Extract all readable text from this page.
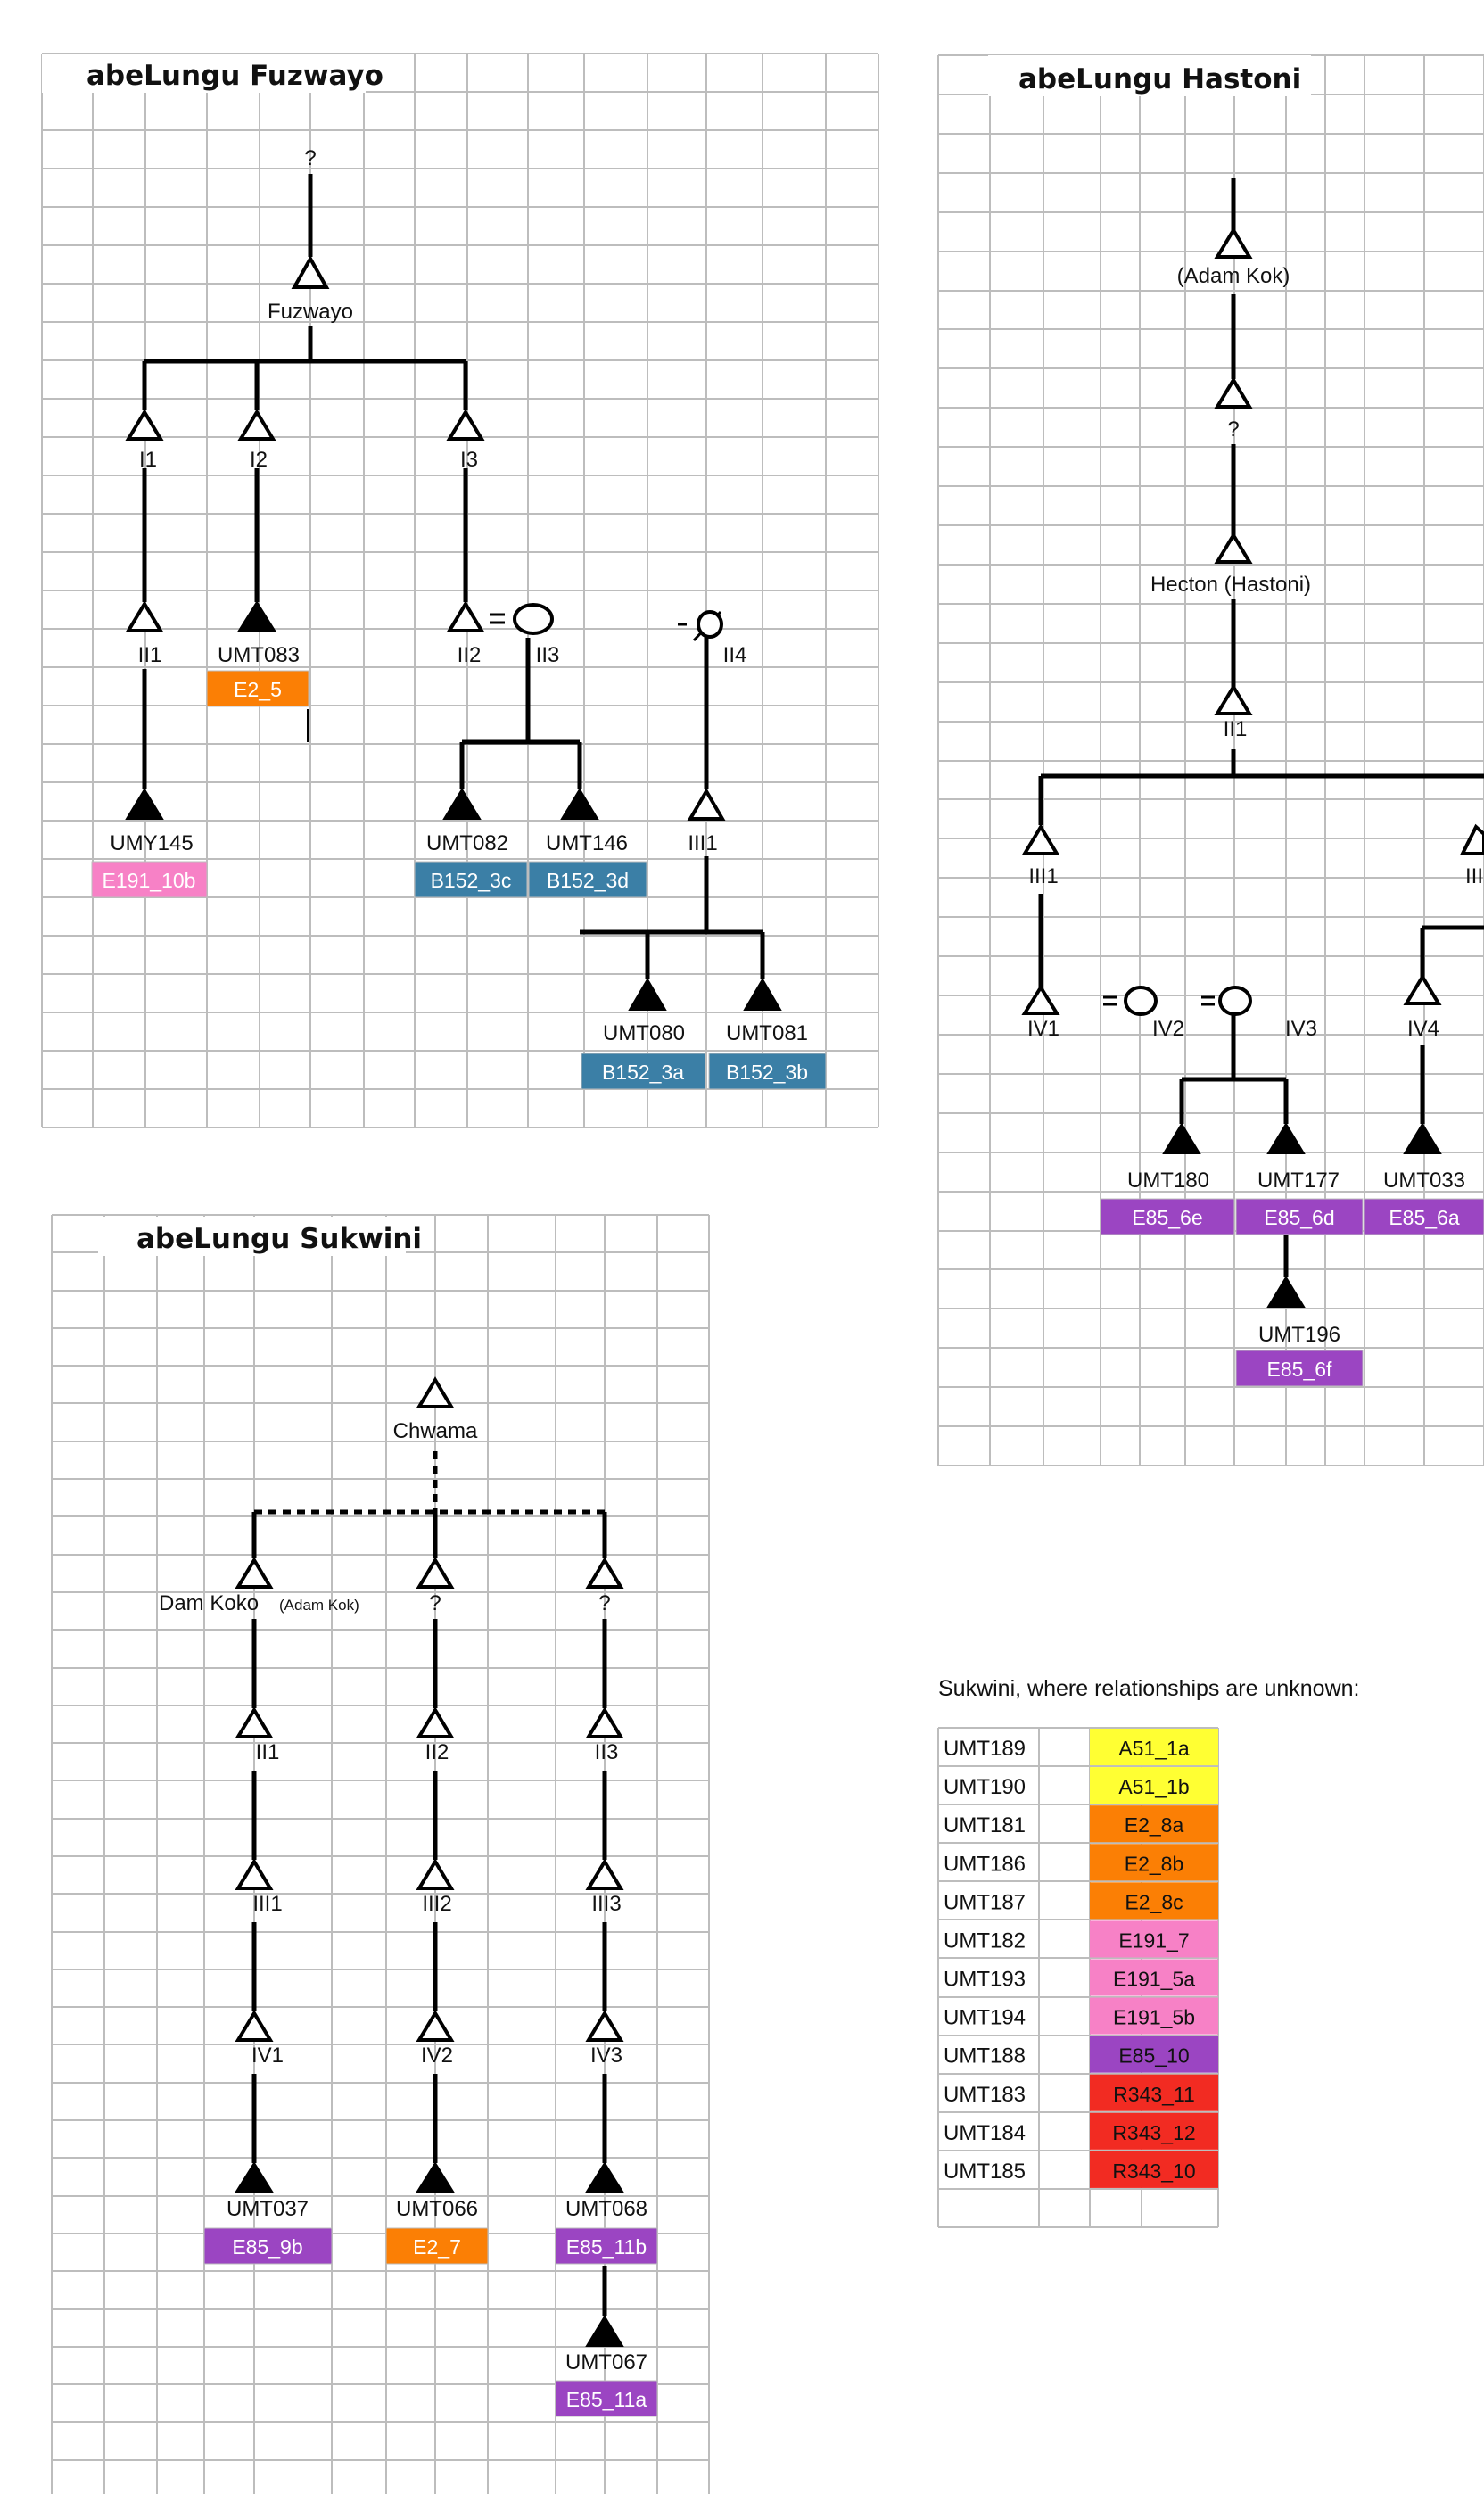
abeLungu Fuzwayo
?
Fuzwayo
I1	I2	I3
II1	UMT083	II2	II3	II4
UMY145	UMT082 UMT146	III1
UMT080 UMT081
E2_5
E191_10b	B152_3c B152_3d
B152_3a B152_3b
abeLungu Hastoni
(Adam Kok)
?
Hecton (Hastoni)
II1
III1	III
IV1	IV2	IV3	IV4
UMT180 UMT177 UMT033
UMT196
E85_6e	E85_6d	E85_6a
E85_6f
abeLungu Sukwini
Chwama
Dam Koko (Adam Kok)	?	?
II1	II2	II3
III1	III2	III3
IV1	IV2	IV3
UMT037	UMT066	UMT068
UMT067
E85_9b	E2_7	E85_11b
E85_11a
Sukwini, where relationships are unknown:
UMT189	A51_1a
UMT190	A51_1b
UMT181	E2_8a
UMT186	E2_8b
UMT187	E2_8c
UMT182	E191_7
UMT193	E191_5a
UMT194	E191_5b
UMT188	E85_10
UMT183	R343_11
UMT184	R343_12
UMT185	R343_10
